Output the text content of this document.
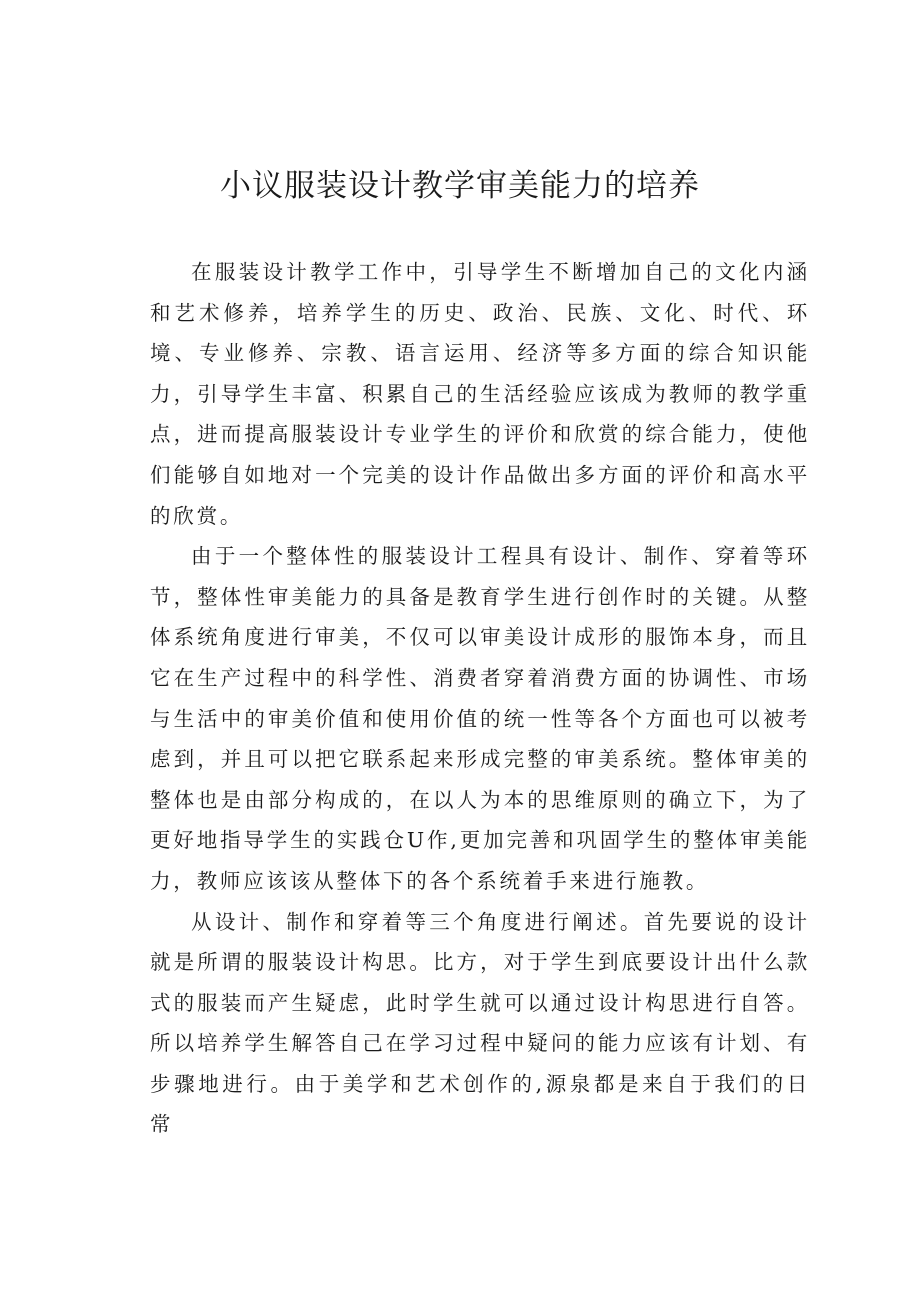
小议服装设计教学审美能力的培养

在服装设计教学工作中，引导学生不断增加自己的文化内涵和艺术修养，培养学生的历史、政治、民族、文化、时代、环境、专业修养、宗教、语言运用、经济等多方面的综合知识能力，引导学生丰富、积累自己的生活经验应该成为教师的教学重点，进而提高服装设计专业学生的评价和欣赏的综合能力，使他们能够自如地对一个完美的设计作品做出多方面的评价和高水平的欣赏。

由于一个整体性的服装设计工程具有设计、制作、穿着等环节，整体性审美能力的具备是教育学生进行创作时的关键。从整体系统角度进行审美，不仅可以审美设计成形的服饰本身，而且它在生产过程中的科学性、消费者穿着消费方面的协调性、市场与生活中的审美价值和使用价值的统一性等各个方面也可以被考虑到，并且可以把它联系起来形成完整的审美系统。整体审美的整体也是由部分构成的，在以人为本的思维原则的确立下，为了更好地指导学生的实践仓U作,更加完善和巩固学生的整体审美能力，教师应该该从整体下的各个系统着手来进行施教。

从设计、制作和穿着等三个角度进行阐述。首先要说的设计就是所谓的服装设计构思。比方，对于学生到底要设计出什么款式的服装而产生疑虑，此时学生就可以通过设计构思进行自答。所以培养学生解答自己在学习过程中疑问的能力应该有计划、有步骤地进行。由于美学和艺术创作的,源泉都是来自于我们的日常
